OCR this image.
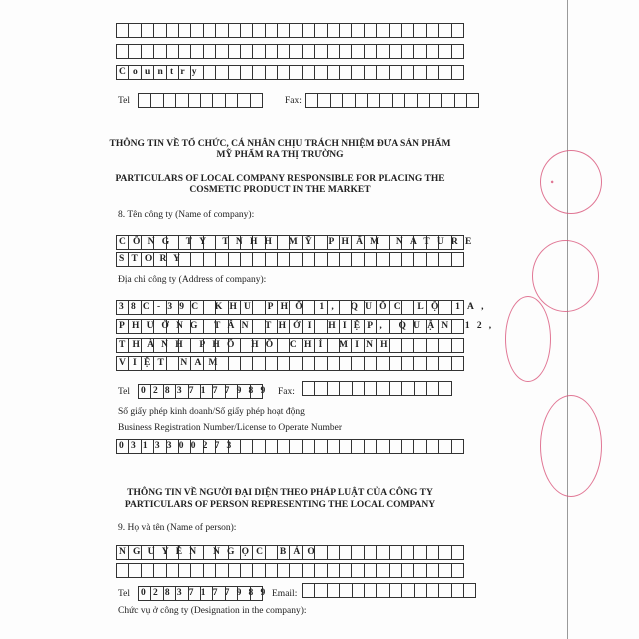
Country
Tel	Fax:
THÔNG TIN VỀ TỔ CHỨC, CÁ NHÂN CHỊU TRÁCH NHIỆM ĐƯA SẢN PHẨM
MỸ PHẨM RA THỊ TRƯỜNG
PARTICULARS OF LOCAL COMPANY RESPONSIBLE FOR PLACING THE
COSMETIC PRODUCT IN THE MARKET
8. Tên công ty (Name of company):
CÔNG TY TNHH MỸ PHẨM NATURE
STORY
Địa chỉ công ty (Address of company):
38C-39C KHU PHỐ 1, QUỐC LỘ 1A,
PHƯỜNG TÂN THỚI HIỆP, QUẬN 12,
THÀNH PHỐ HỒ CHÍ MINH
VIỆT NAM
Tel	02837177989 Fax:
Số giấy phép kinh doanh/Số giấy phép hoạt động
Business Registration Number/License to Operate Number
0313300273
THÔNG TIN VỀ NGƯỜI ĐẠI DIỆN THEO PHÁP LUẬT CỦA CÔNG TY
PARTICULARS OF PERSON REPRESENTING THE LOCAL COMPANY
9. Họ và tên (Name of person):
NGUYỄN NGỌC BẢO
Tel	02837177989 Email:
Chức vụ ở công ty (Designation in the company):
●
